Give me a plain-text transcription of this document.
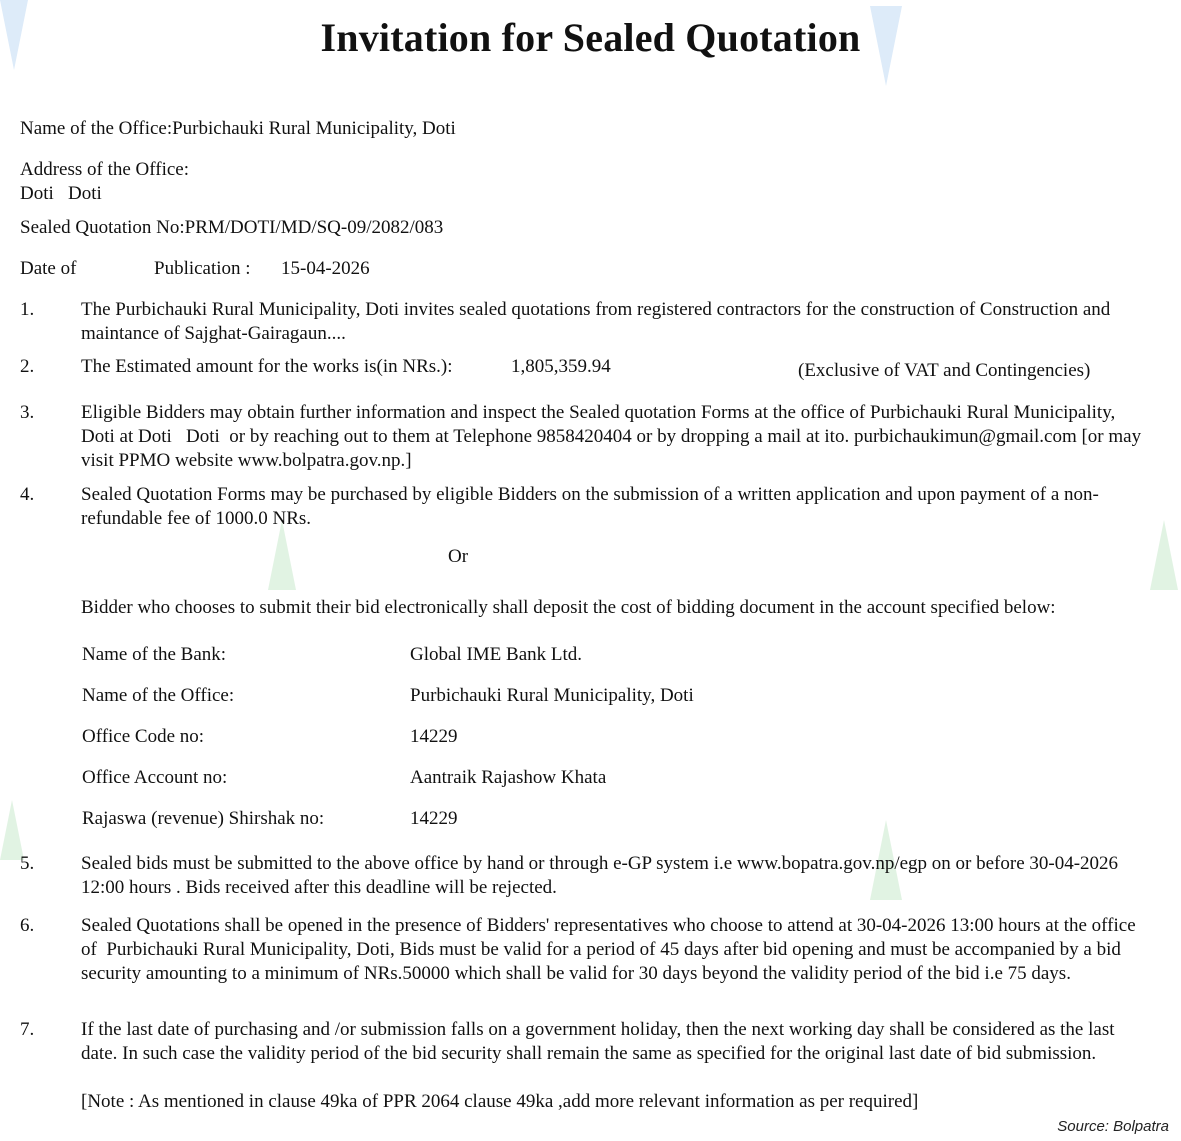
Invitation for Sealed Quotation
Name of the Office:Purbichauki Rural Municipality, Doti
Address of the Office:
Doti   Doti
Sealed Quotation No:PRM/DOTI/MD/SQ-09/2082/083
Date of	Publication : 15-04-2026
1. The Purbichauki Rural Municipality, Doti invites sealed quotations from registered contractors for the construction of Construction and maintance of Sajghat-Gairagaun....
2. The Estimated amount for the works is(in NRs.):	1,805,359.94	(Exclusive of VAT and Contingencies)
3. Eligible Bidders may obtain further information and inspect the Sealed quotation Forms at the office of Purbichauki Rural Municipality, Doti at Doti   Doti  or by reaching out to them at Telephone 9858420404 or by dropping a mail at ito. purbichaukimun@gmail.com [or may visit PPMO website www.bolpatra.gov.np.]
4. Sealed Quotation Forms may be purchased by eligible Bidders on the submission of a written application and upon payment of a non-refundable fee of 1000.0 NRs.
Or
Bidder who chooses to submit their bid electronically shall deposit the cost of bidding document in the account specified below:
Name of the Bank:	Global IME Bank Ltd.
Name of the Office:	Purbichauki Rural Municipality, Doti
Office Code no:	14229
Office Account no:	Aantraik Rajashow Khata
Rajaswa (revenue) Shirshak no:	14229
5. Sealed bids must be submitted to the above office by hand or through e-GP system i.e www.bopatra.gov.np/egp on or before 30-04-2026 12:00 hours . Bids received after this deadline will be rejected.
6. Sealed Quotations shall be opened in the presence of Bidders' representatives who choose to attend at 30-04-2026 13:00 hours at the office of  Purbichauki Rural Municipality, Doti, Bids must be valid for a period of 45 days after bid opening and must be accompanied by a bid security amounting to a minimum of NRs.50000 which shall be valid for 30 days beyond the validity period of the bid i.e 75 days.
7. If the last date of purchasing and /or submission falls on a government holiday, then the next working day shall be considered as the last date. In such case the validity period of the bid security shall remain the same as specified for the original last date of bid submission.
[Note : As mentioned in clause 49ka of PPR 2064 clause 49ka ,add more relevant information as per required]
Source: Bolpatra
